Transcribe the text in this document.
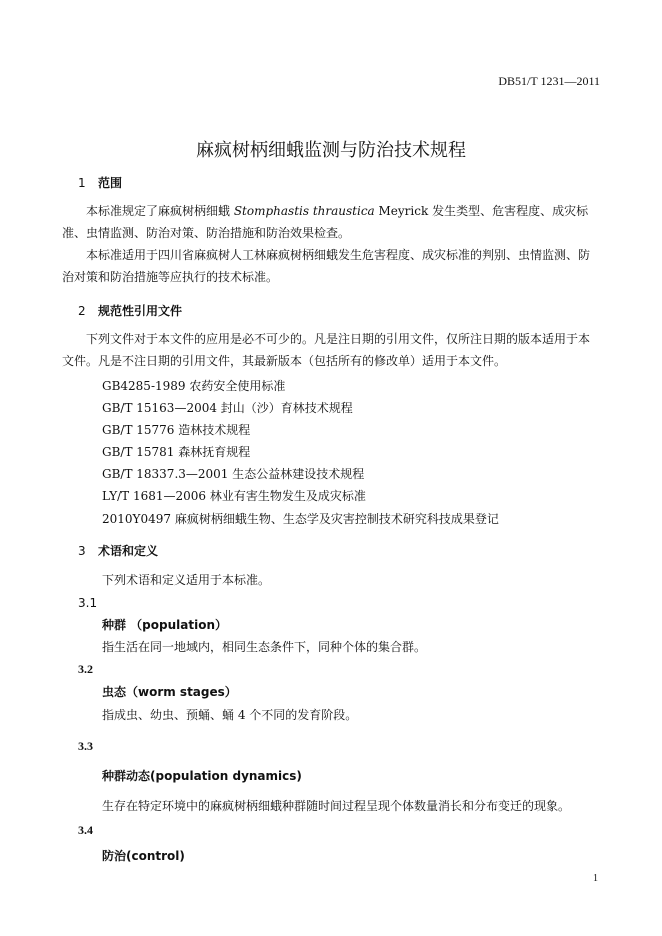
DB51/T 1231—2011
麻疯树柄细蛾监测与防治技术规程
1 范围
本标准规定了麻疯树柄细蛾 Stomphastis thraustica Meyrick 发生类型、危害程度、成灾标准、虫情监测、防治对策、防治措施和防治效果检查。
本标准适用于四川省麻疯树人工林麻疯树柄细蛾发生危害程度、成灾标准的判别、虫情监测、防治对策和防治措施等应执行的技术标准。
2 规范性引用文件
下列文件对于本文件的应用是必不可少的。凡是注日期的引用文件，仅所注日期的版本适用于本文件。凡是不注日期的引用文件，其最新版本（包括所有的修改单）适用于本文件。
GB4285-1989 农药安全使用标准
GB/T 15163—2004 封山（沙）育林技术规程
GB/T 15776 造林技术规程
GB/T 15781 森林抚育规程
GB/T 18337.3—2001 生态公益林建设技术规程
LY/T 1681—2006 林业有害生物发生及成灾标准
2010Y0497 麻疯树柄细蛾生物、生态学及灾害控制技术研究科技成果登记
3 术语和定义
下列术语和定义适用于本标准。
3.1
种群 （population）
指生活在同一地域内，相同生态条件下，同种个体的集合群。
3.2
虫态（worm stages）
指成虫、幼虫、预蛹、蛹 4 个不同的发育阶段。
3.3
种群动态(population dynamics)
生存在特定环境中的麻疯树柄细蛾种群随时间过程呈现个体数量消长和分布变迁的现象。
3.4
防治(control)
1
